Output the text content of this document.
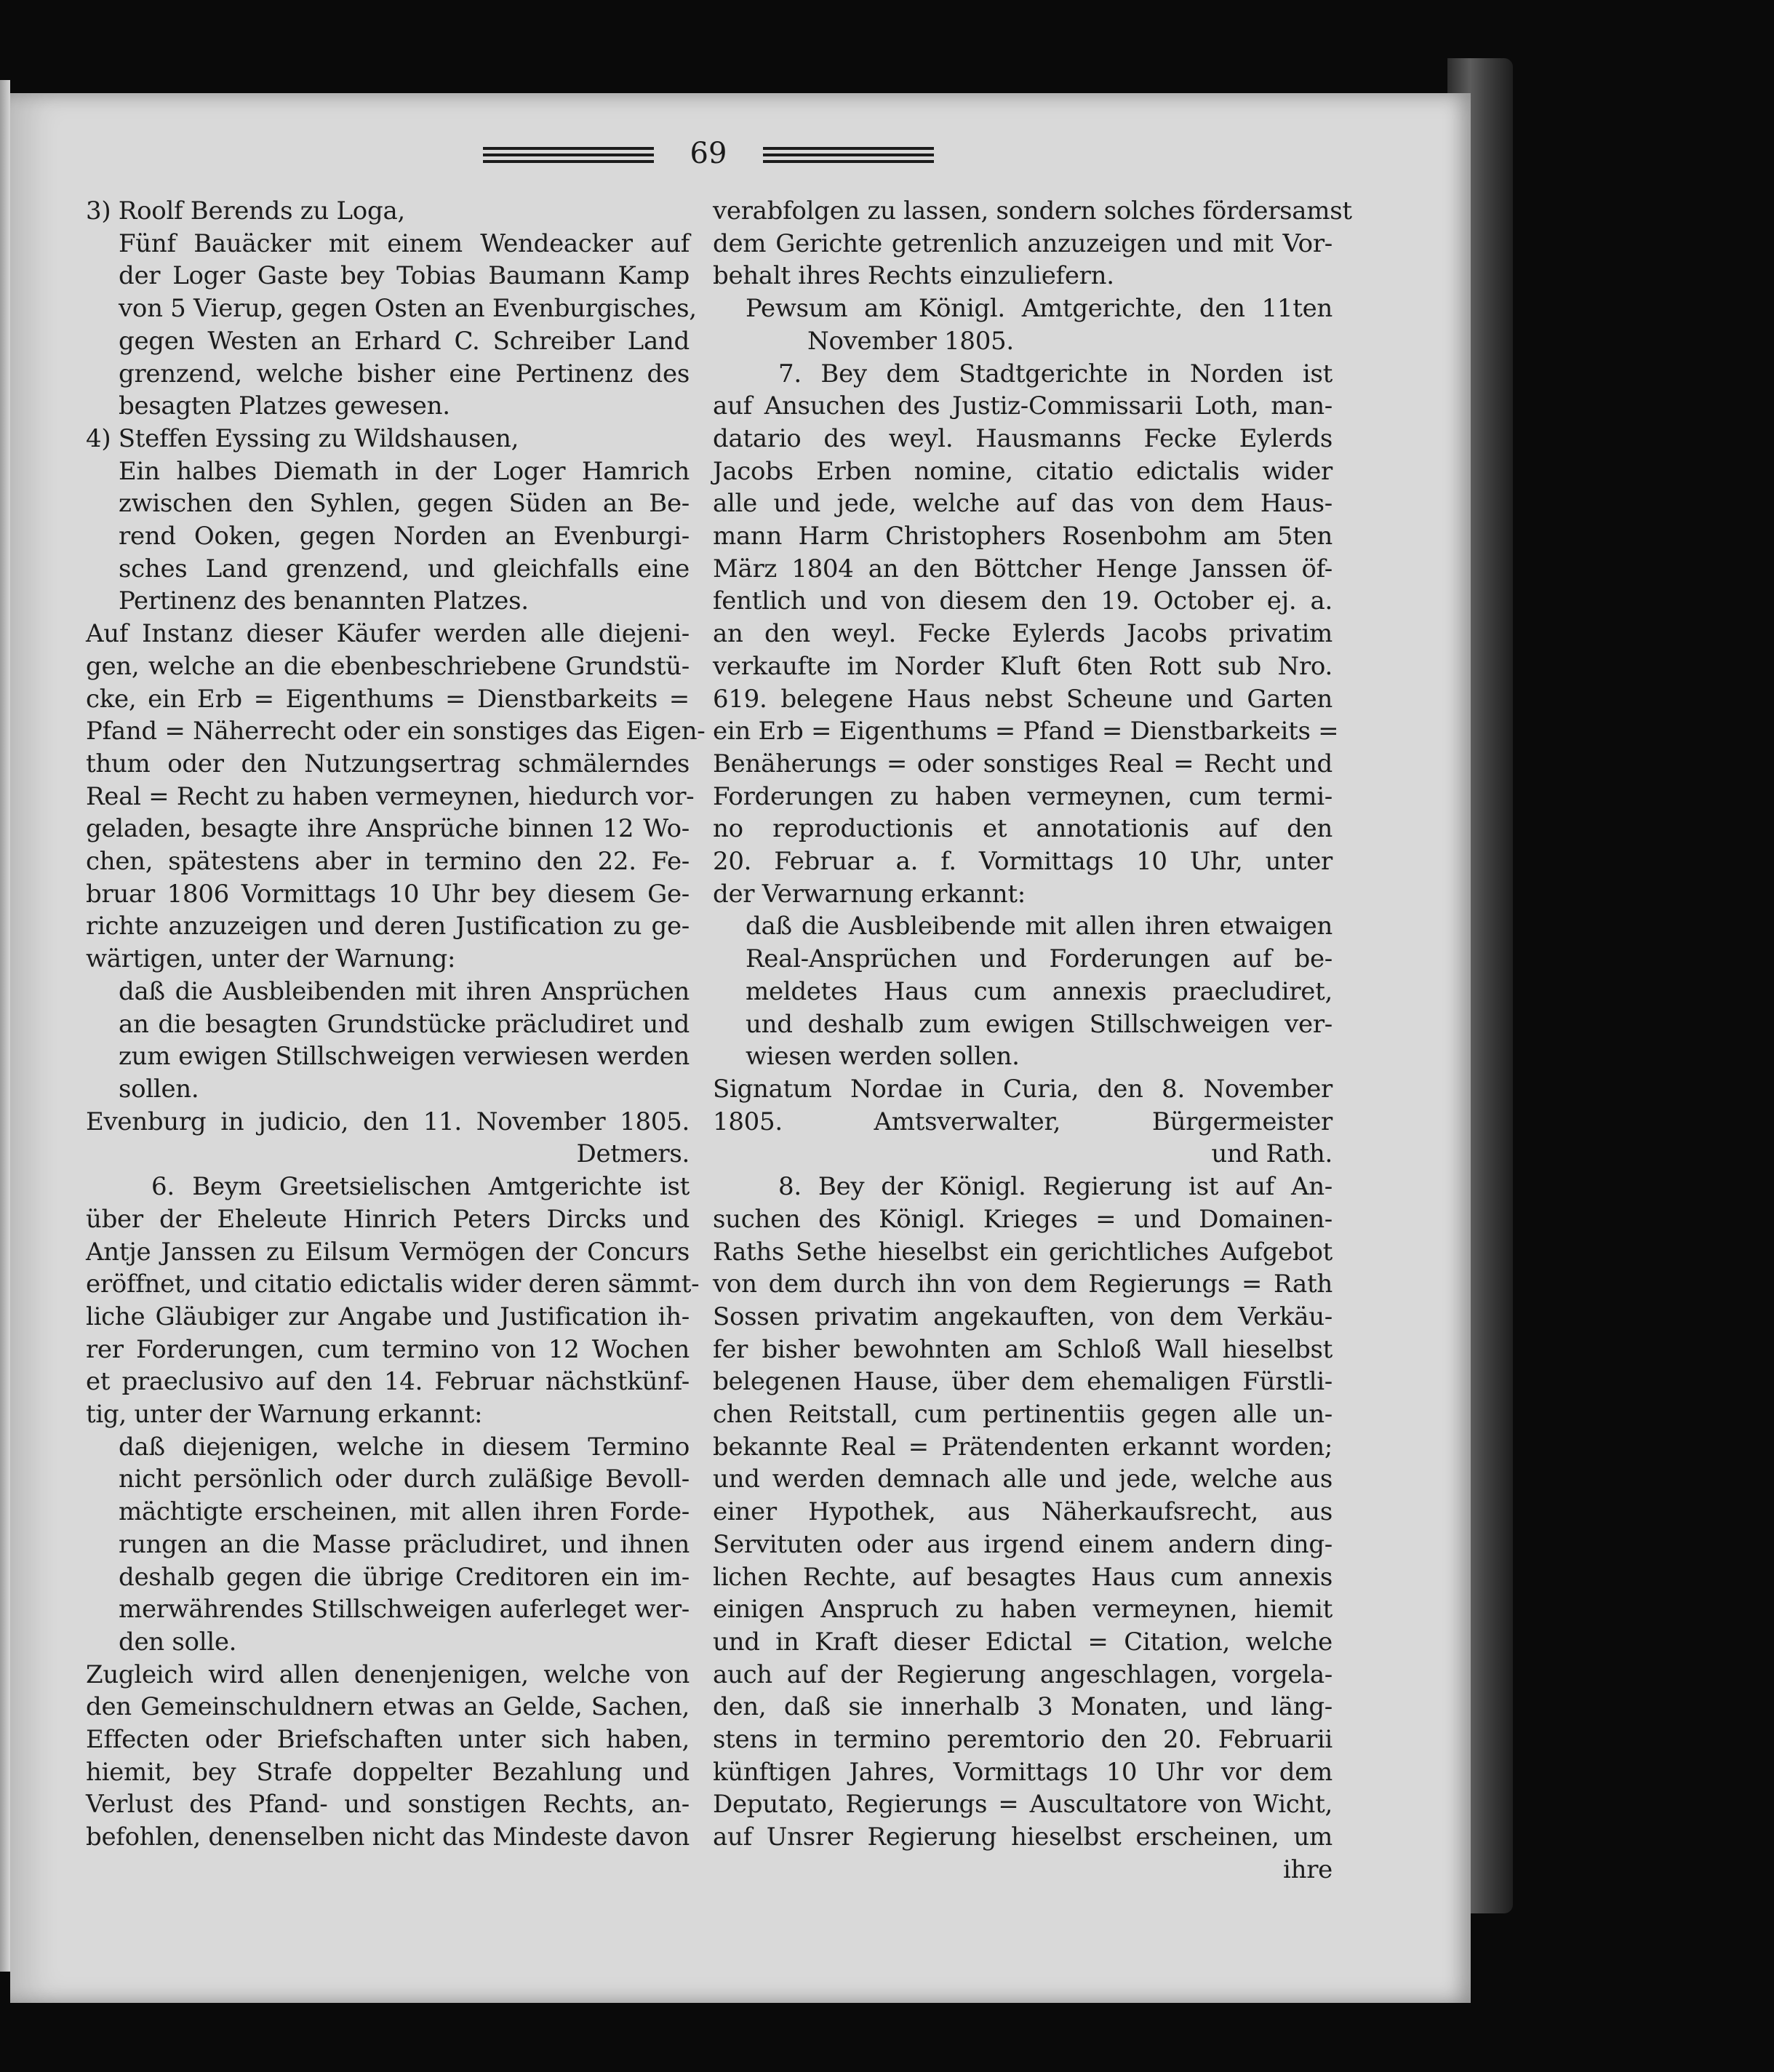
69
3) Roolf Berends zu Loga,
Fünf Bauäcker mit einem Wendeacker auf
der Loger Gaste bey Tobias Baumann Kamp
von 5 Vierup, gegen Osten an Evenburgisches,
gegen Westen an Erhard C. Schreiber Land
grenzend, welche bisher eine Pertinenz des
besagten Platzes gewesen.
4) Steffen Eyssing zu Wildshausen,
Ein halbes Diemath in der Loger Hamrich
zwischen den Syhlen, gegen Süden an Be-
rend Ooken, gegen Norden an Evenburgi-
sches Land grenzend, und gleichfalls eine
Pertinenz des benannten Platzes.
Auf Instanz dieser Käufer werden alle diejeni-
gen, welche an die ebenbeschriebene Grundstü-
cke, ein Erb = Eigenthums = Dienstbarkeits =
Pfand = Näherrecht oder ein sonstiges das Eigen-
thum oder den Nutzungsertrag schmälerndes
Real = Recht zu haben vermeynen, hiedurch vor-
geladen, besagte ihre Ansprüche binnen 12 Wo-
chen, spätestens aber in termino den 22. Fe-
bruar 1806 Vormittags 10 Uhr bey diesem Ge-
richte anzuzeigen und deren Justification zu ge-
wärtigen, unter der Warnung:
daß die Ausbleibenden mit ihren Ansprüchen
an die besagten Grundstücke präcludiret und
zum ewigen Stillschweigen verwiesen werden
sollen.
Evenburg in judicio, den 11. November 1805.
Detmers.
6. Beym Greetsielischen Amtgerichte ist
über der Eheleute Hinrich Peters Dircks und
Antje Janssen zu Eilsum Vermögen der Concurs
eröffnet, und citatio edictalis wider deren sämmt-
liche Gläubiger zur Angabe und Justification ih-
rer Forderungen, cum termino von 12 Wochen
et praeclusivo auf den 14. Februar nächstkünf-
tig, unter der Warnung erkannt:
daß diejenigen, welche in diesem Termino
nicht persönlich oder durch zuläßige Bevoll-
mächtigte erscheinen, mit allen ihren Forde-
rungen an die Masse präcludiret, und ihnen
deshalb gegen die übrige Creditoren ein im-
merwährendes Stillschweigen auferleget wer-
den solle.
Zugleich wird allen denenjenigen, welche von
den Gemeinschuldnern etwas an Gelde, Sachen,
Effecten oder Briefschaften unter sich haben,
hiemit, bey Strafe doppelter Bezahlung und
Verlust des Pfand- und sonstigen Rechts, an-
befohlen, denenselben nicht das Mindeste davon
verabfolgen zu lassen, sondern solches fördersamst
dem Gerichte getrenlich anzuzeigen und mit Vor-
behalt ihres Rechts einzuliefern.
Pewsum am Königl. Amtgerichte, den 11ten
November 1805.
7. Bey dem Stadtgerichte in Norden ist
auf Ansuchen des Justiz-Commissarii Loth, man-
datario des weyl. Hausmanns Fecke Eylerds
Jacobs Erben nomine, citatio edictalis wider
alle und jede, welche auf das von dem Haus-
mann Harm Christophers Rosenbohm am 5ten
März 1804 an den Böttcher Henge Janssen öf-
fentlich und von diesem den 19. October ej. a.
an den weyl. Fecke Eylerds Jacobs privatim
verkaufte im Norder Kluft 6ten Rott sub Nro.
619. belegene Haus nebst Scheune und Garten
ein Erb = Eigenthums = Pfand = Dienstbarkeits =
Benäherungs = oder sonstiges Real = Recht und
Forderungen zu haben vermeynen, cum termi-
no reproductionis et annotationis auf den
20. Februar a. f. Vormittags 10 Uhr, unter
der Verwarnung erkannt:
daß die Ausbleibende mit allen ihren etwaigen
Real-Ansprüchen und Forderungen auf be-
meldetes Haus cum annexis praecludiret,
und deshalb zum ewigen Stillschweigen ver-
wiesen werden sollen.
Signatum Nordae in Curia, den 8. November
1805. Amtsverwalter, Bürgermeister
und Rath.
8. Bey der Königl. Regierung ist auf An-
suchen des Königl. Krieges = und Domainen-
Raths Sethe hieselbst ein gerichtliches Aufgebot
von dem durch ihn von dem Regierungs = Rath
Sossen privatim angekauften, von dem Verkäu-
fer bisher bewohnten am Schloß Wall hieselbst
belegenen Hause, über dem ehemaligen Fürstli-
chen Reitstall, cum pertinentiis gegen alle un-
bekannte Real = Prätendenten erkannt worden;
und werden demnach alle und jede, welche aus
einer Hypothek, aus Näherkaufsrecht, aus
Servituten oder aus irgend einem andern ding-
lichen Rechte, auf besagtes Haus cum annexis
einigen Anspruch zu haben vermeynen, hiemit
und in Kraft dieser Edictal = Citation, welche
auch auf der Regierung angeschlagen, vorgela-
den, daß sie innerhalb 3 Monaten, und läng-
stens in termino peremtorio den 20. Februarii
künftigen Jahres, Vormittags 10 Uhr vor dem
Deputato, Regierungs = Auscultatore von Wicht,
auf Unsrer Regierung hieselbst erscheinen, um
ihre
